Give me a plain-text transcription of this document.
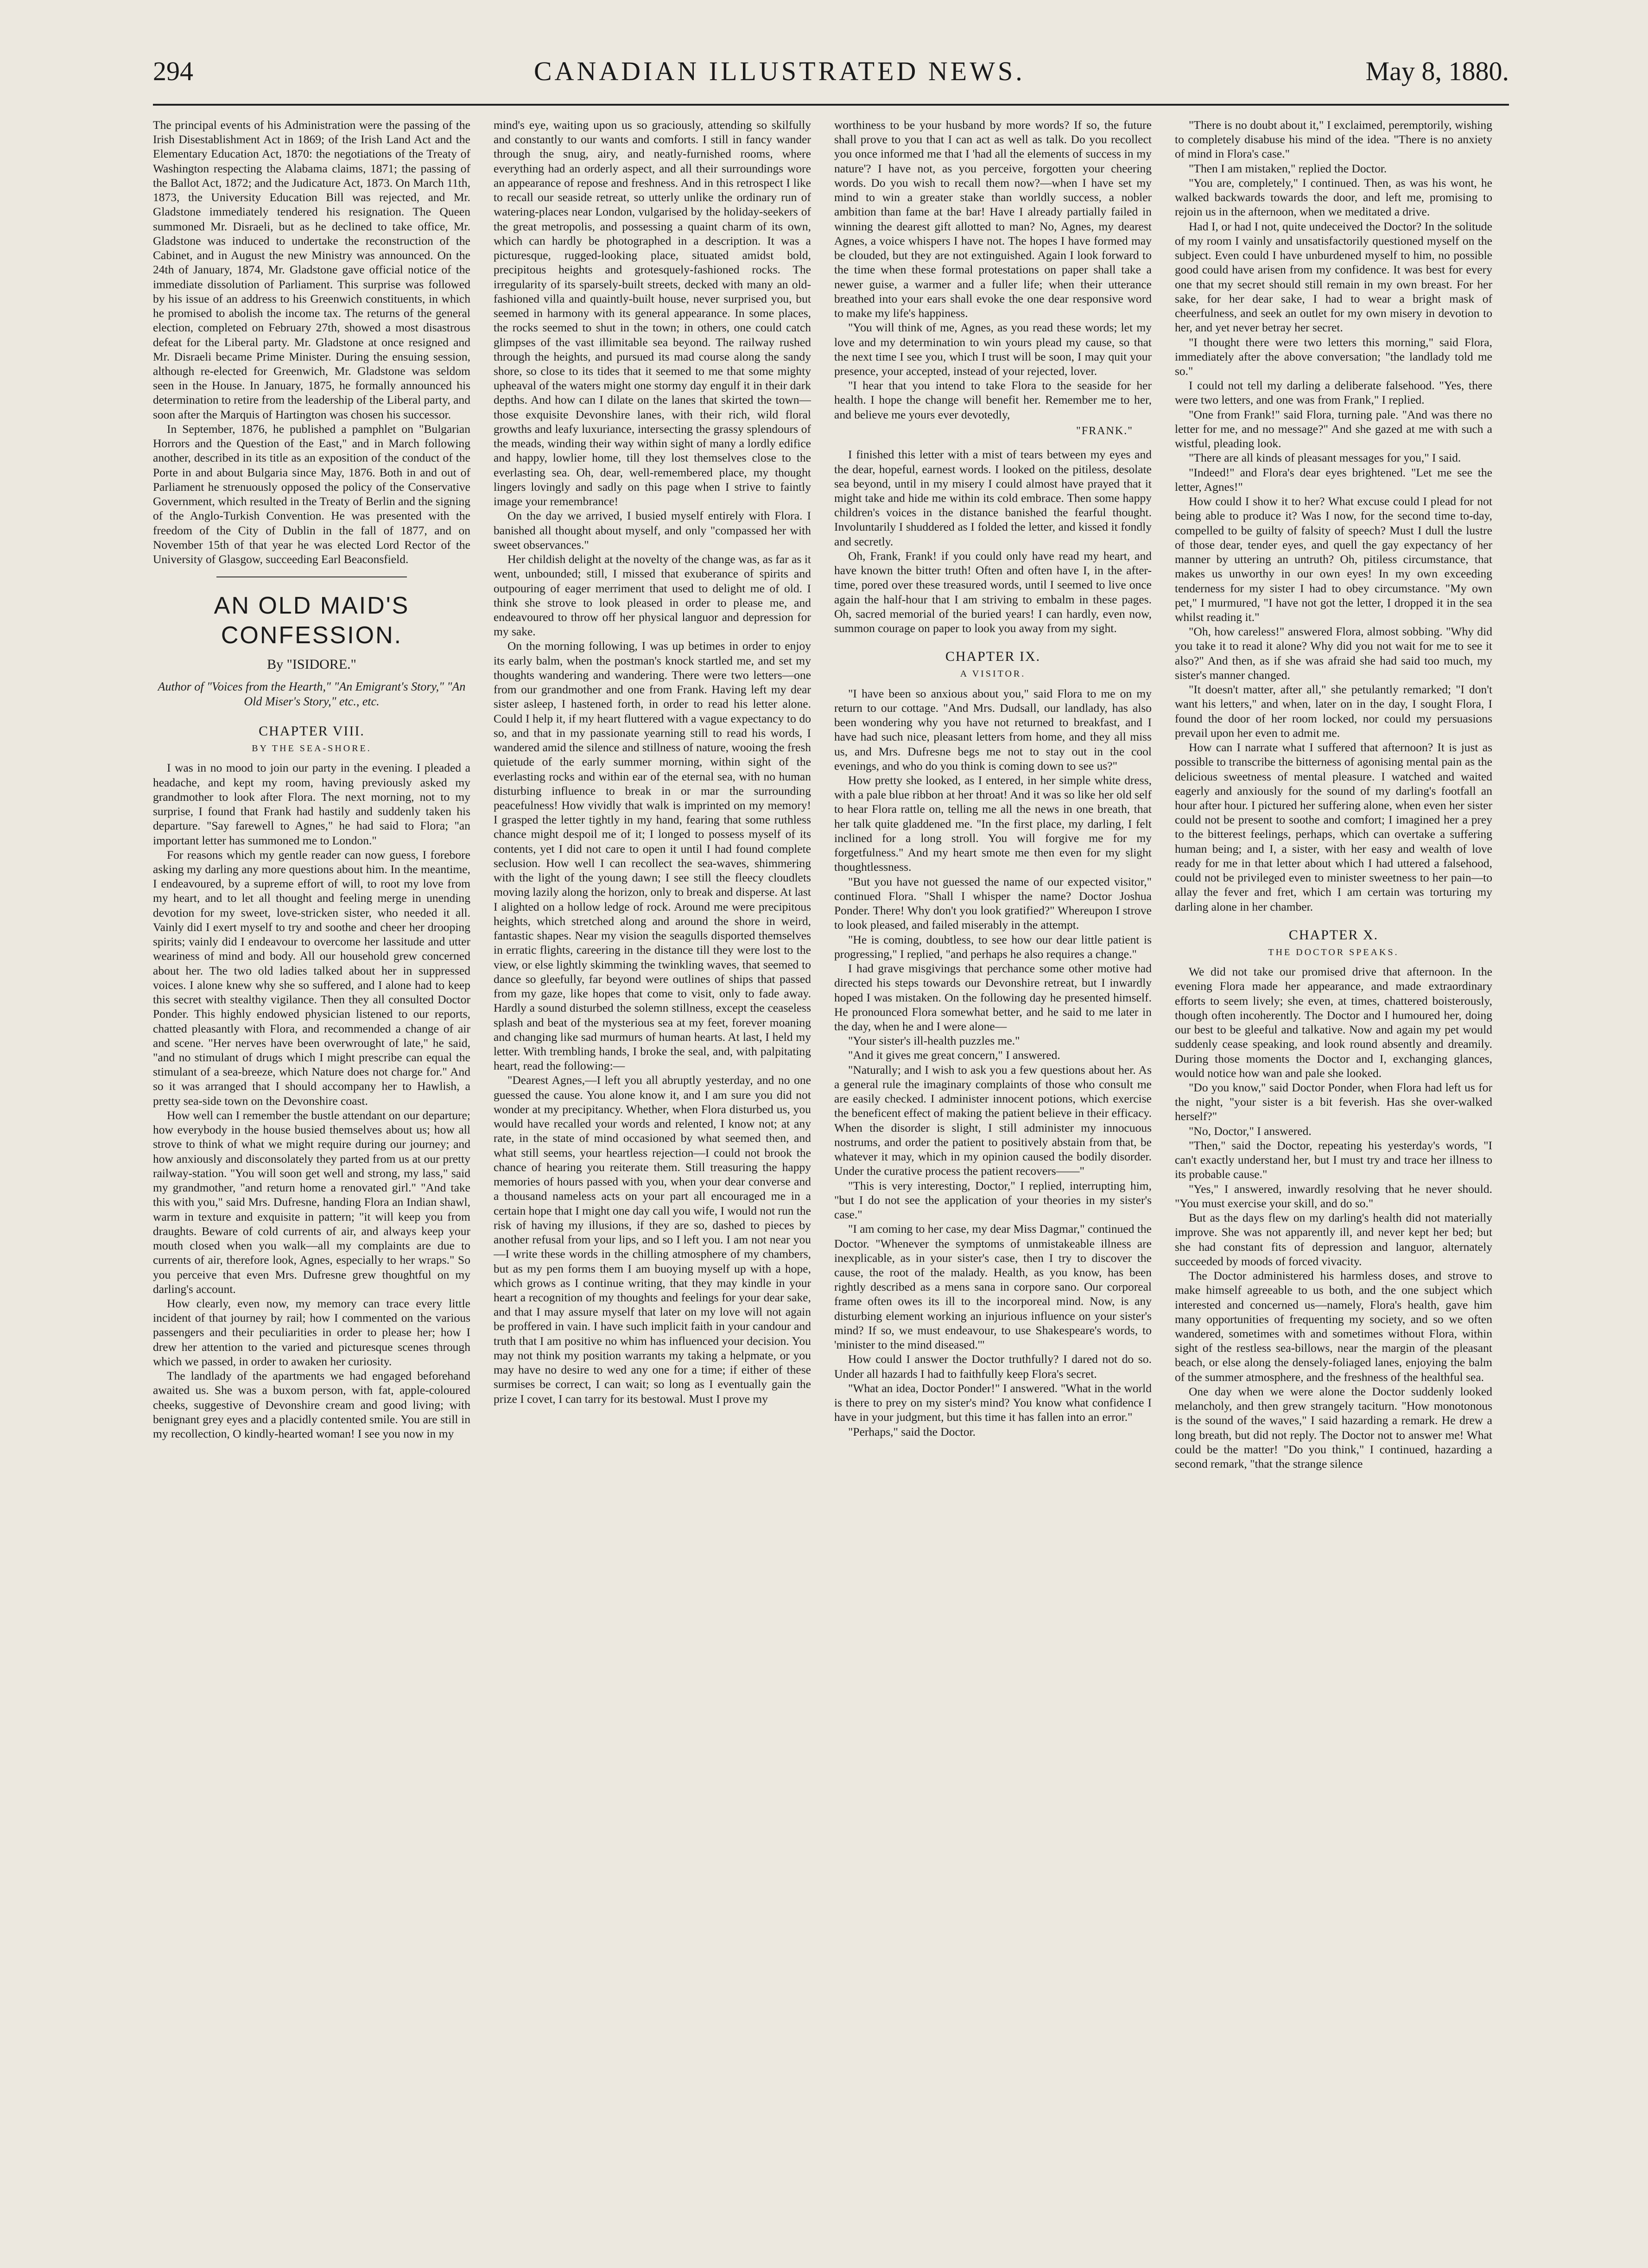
294	CANADIAN ILLUSTRATED NEWS.	May 8, 1880.

The principal events of his Administration were the passing of the Irish Disestablishment Act in 1869; of the Irish Land Act and the Elementary Education Act, 1870: the negotiations of the Treaty of Washington respecting the Alabama claims, 1871; the passing of the Ballot Act, 1872; and the Judicature Act, 1873. On March 11th, 1873, the University Education Bill was rejected, and Mr. Gladstone immediately tendered his resignation. The Queen summoned Mr. Disraeli, but as he declined to take office, Mr. Gladstone was induced to undertake the reconstruction of the Cabinet, and in August the new Ministry was announced. On the 24th of January, 1874, Mr. Gladstone gave official notice of the immediate dissolution of Parliament. This surprise was followed by his issue of an address to his Greenwich constituents, in which he promised to abolish the income tax. The returns of the general election, completed on February 27th, showed a most disastrous defeat for the Liberal party. Mr. Gladstone at once resigned and Mr. Disraeli became Prime Minister. During the ensuing session, although re-elected for Greenwich, Mr. Gladstone was seldom seen in the House. In January, 1875, he formally announced his determination to retire from the leadership of the Liberal party, and soon after the Marquis of Hartington was chosen his successor.

In September, 1876, he published a pamphlet on "Bulgarian Horrors and the Question of the East," and in March following another, described in its title as an exposition of the conduct of the Porte in and about Bulgaria since May, 1876. Both in and out of Parliament he strenuously opposed the policy of the Conservative Government, which resulted in the Treaty of Berlin and the signing of the Anglo-Turkish Convention. He was presented with the freedom of the City of Dublin in the fall of 1877, and on November 15th of that year he was elected Lord Rector of the University of Glasgow, succeeding Earl Beaconsfield.

AN OLD MAID'S CONFESSION.
By "ISIDORE."
Author of "Voices from the Hearth," "An Emigrant's Story," "An Old Miser's Story," etc., etc.
CHAPTER VIII.
BY THE SEA-SHORE.

I was in no mood to join our party in the evening. I pleaded a headache, and kept my room, having previously asked my grandmother to look after Flora. The next morning, not to my surprise, I found that Frank had hastily and suddenly taken his departure. "Say farewell to Agnes," he had said to Flora; "an important letter has summoned me to London."

For reasons which my gentle reader can now guess, I forebore asking my darling any more questions about him. In the meantime, I endeavoured, by a supreme effort of will, to root my love from my heart, and to let all thought and feeling merge in unending devotion for my sweet, love-stricken sister, who needed it all. Vainly did I exert myself to try and soothe and cheer her drooping spirits; vainly did I endeavour to overcome her lassitude and utter weariness of mind and body. All our household grew concerned about her. The two old ladies talked about her in suppressed voices. I alone knew why she so suffered, and I alone had to keep this secret with stealthy vigilance. Then they all consulted Doctor Ponder. This highly endowed physician listened to our reports, chatted pleasantly with Flora, and recommended a change of air and scene. "Her nerves have been overwrought of late," he said, "and no stimulant of drugs which I might prescribe can equal the stimulant of a sea-breeze, which Nature does not charge for." And so it was arranged that I should accompany her to Hawlish, a pretty sea-side town on the Devonshire coast.

How well can I remember the bustle attendant on our departure; how everybody in the house busied themselves about us; how all strove to think of what we might require during our journey; and how anxiously and disconsolately they parted from us at our pretty railway-station. "You will soon get well and strong, my lass," said my grandmother, "and return home a renovated girl." "And take this with you," said Mrs. Dufresne, handing Flora an Indian shawl, warm in texture and exquisite in pattern; "it will keep you from draughts. Beware of cold currents of air, and always keep your mouth closed when you walk—all my complaints are due to currents of air, therefore look, Agnes, especially to her wraps." So you perceive that even Mrs. Dufresne grew thoughtful on my darling's account.

How clearly, even now, my memory can trace every little incident of that journey by rail; how I commented on the various passengers and their peculiarities in order to please her; how I drew her attention to the varied and picturesque scenes through which we passed, in order to awaken her curiosity.

The landlady of the apartments we had engaged beforehand awaited us. She was a buxom person, with fat, apple-coloured cheeks, suggestive of Devonshire cream and good living; with benignant grey eyes and a placidly contented smile. You are still in my recollection, O kindly-hearted woman! I see you now in my

mind's eye, waiting upon us so graciously, attending so skilfully and constantly to our wants and comforts. I still in fancy wander through the snug, airy, and neatly-furnished rooms, where everything had an orderly aspect, and all their surroundings wore an appearance of repose and freshness. And in this retrospect I like to recall our seaside retreat, so utterly unlike the ordinary run of watering-places near London, vulgarised by the holiday-seekers of the great metropolis, and possessing a quaint charm of its own, which can hardly be photographed in a description. It was a picturesque, rugged-looking place, situated amidst bold, precipitous heights and grotesquely-fashioned rocks. The irregularity of its sparsely-built streets, decked with many an old-fashioned villa and quaintly-built house, never surprised you, but seemed in harmony with its general appearance. In some places, the rocks seemed to shut in the town; in others, one could catch glimpses of the vast illimitable sea beyond. The railway rushed through the heights, and pursued its mad course along the sandy shore, so close to its tides that it seemed to me that some mighty upheaval of the waters might one stormy day engulf it in their dark depths. And how can I dilate on the lanes that skirted the town—those exquisite Devonshire lanes, with their rich, wild floral growths and leafy luxuriance, intersecting the grassy splendours of the meads, winding their way within sight of many a lordly edifice and happy, lowlier home, till they lost themselves close to the everlasting sea. Oh, dear, well-remembered place, my thought lingers lovingly and sadly on this page when I strive to faintly image your remembrance!

On the day we arrived, I busied myself entirely with Flora. I banished all thought about myself, and only "compassed her with sweet observances."

Her childish delight at the novelty of the change was, as far as it went, unbounded; still, I missed that exuberance of spirits and outpouring of eager merriment that used to delight me of old. I think she strove to look pleased in order to please me, and endeavoured to throw off her physical languor and depression for my sake.

On the morning following, I was up betimes in order to enjoy its early balm, when the postman's knock startled me, and set my thoughts wandering and wandering. There were two letters—one from our grandmother and one from Frank. Having left my dear sister asleep, I hastened forth, in order to read his letter alone. Could I help it, if my heart fluttered with a vague expectancy to do so, and that in my passionate yearning still to read his words, I wandered amid the silence and stillness of nature, wooing the fresh quietude of the early summer morning, within sight of the everlasting rocks and within ear of the eternal sea, with no human disturbing influence to break in or mar the surrounding peacefulness! How vividly that walk is imprinted on my memory! I grasped the letter tightly in my hand, fearing that some ruthless chance might despoil me of it; I longed to possess myself of its contents, yet I did not care to open it until I had found complete seclusion. How well I can recollect the sea-waves, shimmering with the light of the young dawn; I see still the fleecy cloudlets moving lazily along the horizon, only to break and disperse. At last I alighted on a hollow ledge of rock. Around me were precipitous heights, which stretched along and around the shore in weird, fantastic shapes. Near my vision the seagulls disported themselves in erratic flights, careering in the distance till they were lost to the view, or else lightly skimming the twinkling waves, that seemed to dance so gleefully, far beyond were outlines of ships that passed from my gaze, like hopes that come to visit, only to fade away. Hardly a sound disturbed the solemn stillness, except the ceaseless splash and beat of the mysterious sea at my feet, forever moaning and changing like sad murmurs of human hearts. At last, I held my letter. With trembling hands, I broke the seal, and, with palpitating heart, read the following:—

"Dearest Agnes,—I left you all abruptly yesterday, and no one guessed the cause. You alone know it, and I am sure you did not wonder at my precipitancy. Whether, when Flora disturbed us, you would have recalled your words and relented, I know not; at any rate, in the state of mind occasioned by what seemed then, and what still seems, your heartless rejection—I could not brook the chance of hearing you reiterate them. Still treasuring the happy memories of hours passed with you, when your dear converse and a thousand nameless acts on your part all encouraged me in a certain hope that I might one day call you wife, I would not run the risk of having my illusions, if they are so, dashed to pieces by another refusal from your lips, and so I left you. I am not near you—I write these words in the chilling atmosphere of my chambers, but as my pen forms them I am buoying myself up with a hope, which grows as I continue writing, that they may kindle in your heart a recognition of my thoughts and feelings for your dear sake, and that I may assure myself that later on my love will not again be proffered in vain. I have such implicit faith in your candour and truth that I am positive no whim has influenced your decision. You may not think my position warrants my taking a helpmate, or you may have no desire to wed any one for a time; if either of these surmises be correct, I can wait; so long as I eventually gain the prize I covet, I can tarry for its bestowal. Must I prove my

worthiness to be your husband by more words? If so, the future shall prove to you that I can act as well as talk. Do you recollect you once informed me that I 'had all the elements of success in my nature'? I have not, as you perceive, forgotten your cheering words. Do you wish to recall them now?—when I have set my mind to win a greater stake than worldly success, a nobler ambition than fame at the bar! Have I already partially failed in winning the dearest gift allotted to man? No, Agnes, my dearest Agnes, a voice whispers I have not. The hopes I have formed may be clouded, but they are not extinguished. Again I look forward to the time when these formal protestations on paper shall take a newer guise, a warmer and a fuller life; when their utterance breathed into your ears shall evoke the one dear responsive word to make my life's happiness.

"You will think of me, Agnes, as you read these words; let my love and my determination to win yours plead my cause, so that the next time I see you, which I trust will be soon, I may quit your presence, your accepted, instead of your rejected, lover.

"I hear that you intend to take Flora to the seaside for her health. I hope the change will benefit her. Remember me to her, and believe me yours ever devotedly,

"FRANK."

I finished this letter with a mist of tears between my eyes and the dear, hopeful, earnest words. I looked on the pitiless, desolate sea beyond, until in my misery I could almost have prayed that it might take and hide me within its cold embrace. Then some happy children's voices in the distance banished the fearful thought. Involuntarily I shuddered as I folded the letter, and kissed it fondly and secretly.

Oh, Frank, Frank! if you could only have read my heart, and have known the bitter truth! Often and often have I, in the after-time, pored over these treasured words, until I seemed to live once again the half-hour that I am striving to embalm in these pages. Oh, sacred memorial of the buried years! I can hardly, even now, summon courage on paper to look you away from my sight.

CHAPTER IX.
A VISITOR.

"I have been so anxious about you," said Flora to me on my return to our cottage. "And Mrs. Dudsall, our landlady, has also been wondering why you have not returned to breakfast, and I have had such nice, pleasant letters from home, and they all miss us, and Mrs. Dufresne begs me not to stay out in the cool evenings, and who do you think is coming down to see us?"

How pretty she looked, as I entered, in her simple white dress, with a pale blue ribbon at her throat! And it was so like her old self to hear Flora rattle on, telling me all the news in one breath, that her talk quite gladdened me. "In the first place, my darling, I felt inclined for a long stroll. You will forgive me for my forgetfulness." And my heart smote me then even for my slight thoughtlessness.

"But you have not guessed the name of our expected visitor," continued Flora. "Shall I whisper the name? Doctor Joshua Ponder. There! Why don't you look gratified?" Whereupon I strove to look pleased, and failed miserably in the attempt.

"He is coming, doubtless, to see how our dear little patient is progressing," I replied, "and perhaps he also requires a change."

I had grave misgivings that perchance some other motive had directed his steps towards our Devonshire retreat, but I inwardly hoped I was mistaken. On the following day he presented himself. He pronounced Flora somewhat better, and he said to me later in the day, when he and I were alone—

"Your sister's ill-health puzzles me."

"And it gives me great concern," I answered.

"Naturally; and I wish to ask you a few questions about her. As a general rule the imaginary complaints of those who consult me are easily checked. I administer innocent potions, which exercise the beneficent effect of making the patient believe in their efficacy. When the disorder is slight, I still administer my innocuous nostrums, and order the patient to positively abstain from that, be whatever it may, which in my opinion caused the bodily disorder. Under the curative process the patient recovers——"

"This is very interesting, Doctor," I replied, interrupting him, "but I do not see the application of your theories in my sister's case."

"I am coming to her case, my dear Miss Dagmar," continued the Doctor. "Whenever the symptoms of unmistakeable illness are inexplicable, as in your sister's case, then I try to discover the cause, the root of the malady. Health, as you know, has been rightly described as a mens sana in corpore sano. Our corporeal frame often owes its ill to the incorporeal mind. Now, is any disturbing element working an injurious influence on your sister's mind? If so, we must endeavour, to use Shakespeare's words, to 'minister to the mind diseased.'"

How could I answer the Doctor truthfully? I dared not do so. Under all hazards I had to faithfully keep Flora's secret.

"What an idea, Doctor Ponder!" I answered. "What in the world is there to prey on my sister's mind? You know what confidence I have in your judgment, but this time it has fallen into an error."

"Perhaps," said the Doctor.

"There is no doubt about it," I exclaimed, peremptorily, wishing to completely disabuse his mind of the idea. "There is no anxiety of mind in Flora's case."

"Then I am mistaken," replied the Doctor.

"You are, completely," I continued. Then, as was his wont, he walked backwards towards the door, and left me, promising to rejoin us in the afternoon, when we meditated a drive.

Had I, or had I not, quite undeceived the Doctor? In the solitude of my room I vainly and unsatisfactorily questioned myself on the subject. Even could I have unburdened myself to him, no possible good could have arisen from my confidence. It was best for every one that my secret should still remain in my own breast. For her sake, for her dear sake, I had to wear a bright mask of cheerfulness, and seek an outlet for my own misery in devotion to her, and yet never betray her secret.

"I thought there were two letters this morning," said Flora, immediately after the above conversation; "the landlady told me so."

I could not tell my darling a deliberate falsehood. "Yes, there were two letters, and one was from Frank," I replied.

"One from Frank!" said Flora, turning pale. "And was there no letter for me, and no message?" And she gazed at me with such a wistful, pleading look.

"There are all kinds of pleasant messages for you," I said.

"Indeed!" and Flora's dear eyes brightened. "Let me see the letter, Agnes!"

How could I show it to her? What excuse could I plead for not being able to produce it? Was I now, for the second time to-day, compelled to be guilty of falsity of speech? Must I dull the lustre of those dear, tender eyes, and quell the gay expectancy of her manner by uttering an untruth? Oh, pitiless circumstance, that makes us unworthy in our own eyes! In my own exceeding tenderness for my sister I had to obey circumstance. "My own pet," I murmured, "I have not got the letter, I dropped it in the sea whilst reading it."

"Oh, how careless!" answered Flora, almost sobbing. "Why did you take it to read it alone? Why did you not wait for me to see it also?" And then, as if she was afraid she had said too much, my sister's manner changed.

"It doesn't matter, after all," she petulantly remarked; "I don't want his letters," and when, later on in the day, I sought Flora, I found the door of her room locked, nor could my persuasions prevail upon her even to admit me.

How can I narrate what I suffered that afternoon? It is just as possible to transcribe the bitterness of agonising mental pain as the delicious sweetness of mental pleasure. I watched and waited eagerly and anxiously for the sound of my darling's footfall an hour after hour. I pictured her suffering alone, when even her sister could not be present to soothe and comfort; I imagined her a prey to the bitterest feelings, perhaps, which can overtake a suffering human being; and I, a sister, with her easy and wealth of love ready for me in that letter about which I had uttered a falsehood, could not be privileged even to minister sweetness to her pain—to allay the fever and fret, which I am certain was torturing my darling alone in her chamber.

CHAPTER X.
THE DOCTOR SPEAKS.

We did not take our promised drive that afternoon. In the evening Flora made her appearance, and made extraordinary efforts to seem lively; she even, at times, chattered boisterously, though often incoherently. The Doctor and I humoured her, doing our best to be gleeful and talkative. Now and again my pet would suddenly cease speaking, and look round absently and dreamily. During those moments the Doctor and I, exchanging glances, would notice how wan and pale she looked.

"Do you know," said Doctor Ponder, when Flora had left us for the night, "your sister is a bit feverish. Has she over-walked herself?"

"No, Doctor," I answered.

"Then," said the Doctor, repeating his yesterday's words, "I can't exactly understand her, but I must try and trace her illness to its probable cause."

"Yes," I answered, inwardly resolving that he never should. "You must exercise your skill, and do so."

But as the days flew on my darling's health did not materially improve. She was not apparently ill, and never kept her bed; but she had constant fits of depression and languor, alternately succeeded by moods of forced vivacity.

The Doctor administered his harmless doses, and strove to make himself agreeable to us both, and the one subject which interested and concerned us—namely, Flora's health, gave him many opportunities of frequenting my society, and so we often wandered, sometimes with and sometimes without Flora, within sight of the restless sea-billows, near the margin of the pleasant beach, or else along the densely-foliaged lanes, enjoying the balm of the summer atmosphere, and the freshness of the healthful sea.

One day when we were alone the Doctor suddenly looked melancholy, and then grew strangely taciturn. "How monotonous is the sound of the waves," I said hazarding a remark. He drew a long breath, but did not reply. The Doctor not to answer me! What could be the matter! "Do you think," I continued, hazarding a second remark, "that the strange silence
